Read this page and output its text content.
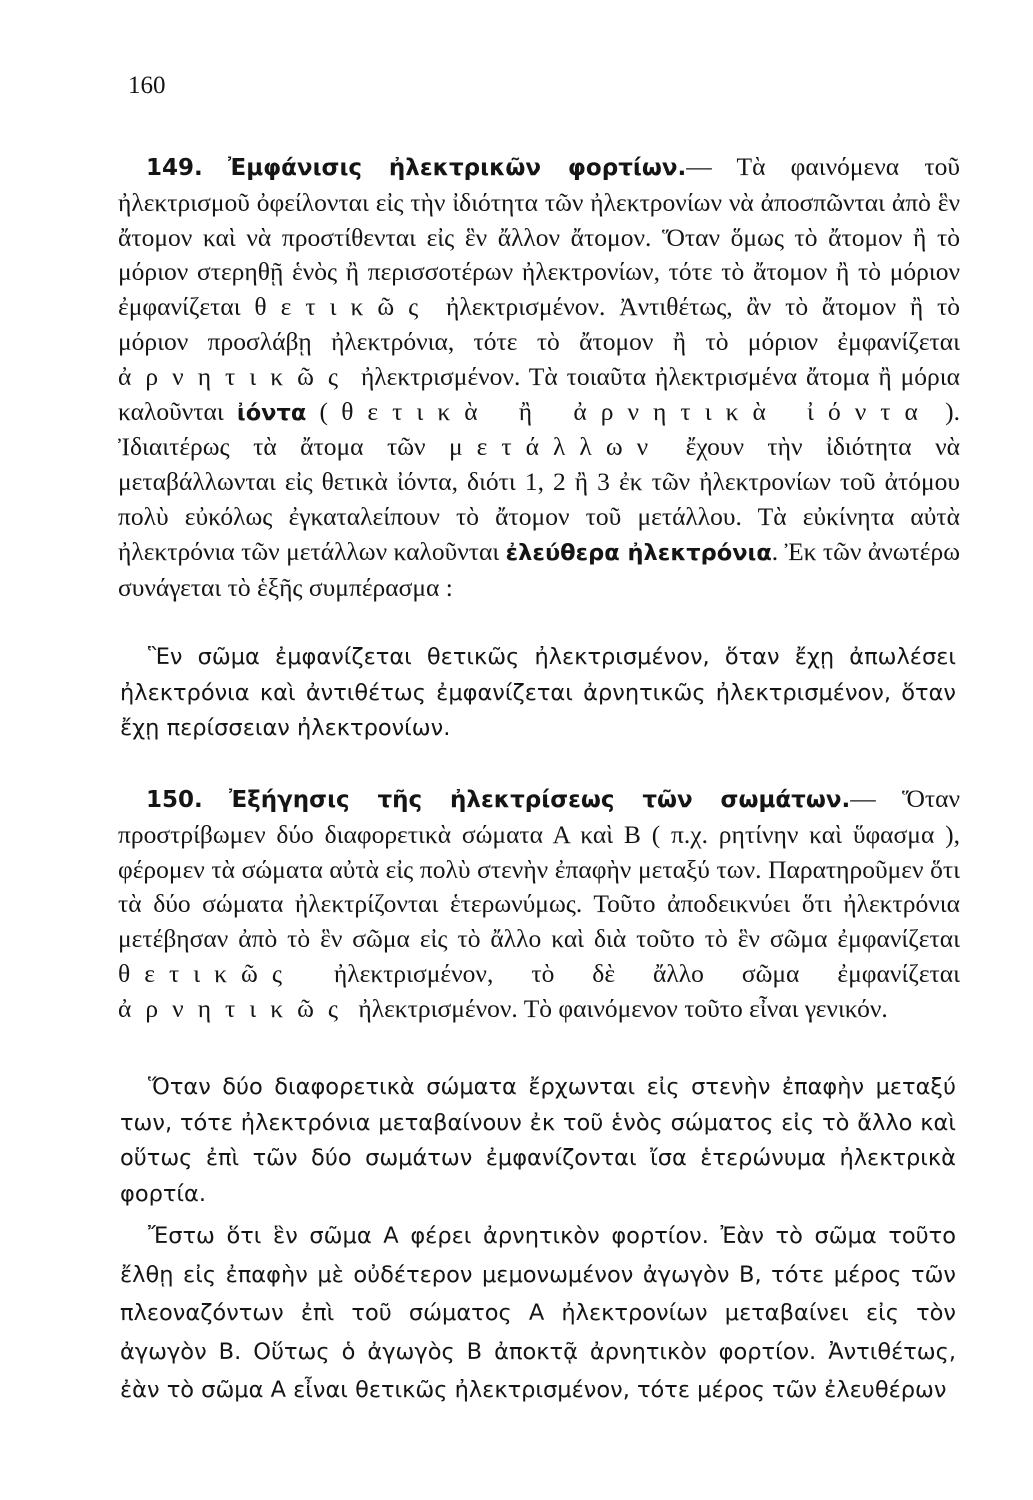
160
149. Ἐμφάνισις ἠλεκτρικῶν φορτίων.— Τὰ φαινόμενα τοῦ ἠλεκτρισμοῦ ὀφείλονται εἰς τὴν ἰδιότητα τῶν ἠλεκτρονίων νὰ ἀποσπῶνται ἀπὸ ἓν ἄτομον καὶ νὰ προστίθενται εἰς ἓν ἄλλον ἄτομον. Ὅταν ὅμως τὸ ἄτομον ἢ τὸ μόριον στερηθῇ ἑνὸς ἢ περισσοτέρων ἠλεκτρονίων, τότε τὸ ἄτομον ἢ τὸ μόριον ἐμφανίζεται θετικῶς ἠλεκτρισμένον. Ἀντιθέτως, ἂν τὸ ἄτομον ἢ τὸ μόριον προσλάβῃ ἠλεκτρόνια, τότε τὸ ἄτομον ἢ τὸ μόριον ἐμφανίζεται ἀρνητικῶς ἠλεκτρισμένον. Τὰ τοιαῦτα ἠλεκτρισμένα ἄτομα ἢ μόρια καλοῦνται ἰόντα ( θετικὰ ἢ ἀρνητικὰ ἰόντα ). Ἰδιαιτέρως τὰ ἄτομα τῶν μετάλλων ἔχουν τὴν ἰδιότητα νὰ μεταβάλλωνται εἰς θετικὰ ἰόντα, διότι 1, 2 ἢ 3 ἐκ τῶν ἠλεκτρονίων τοῦ ἀτόμου πολὺ εὐκόλως ἐγκαταλείπουν τὸ ἄτομον τοῦ μετάλλου. Τὰ εὐκίνητα αὐτὰ ἠλεκτρόνια τῶν μετάλλων καλοῦνται ἐλεύθερα ἠλεκτρόνια. Ἐκ τῶν ἀνωτέρω συνάγεται τὸ ἑξῆς συμπέρασμα :
Ἓν σῶμα ἐμφανίζεται θετικῶς ἠλεκτρισμένον, ὅταν ἔχῃ ἀπωλέσει ἠλεκτρόνια καὶ ἀντιθέτως ἐμφανίζεται ἀρνητικῶς ἠλεκτρισμένον, ὅταν ἔχῃ περίσσειαν ἠλεκτρονίων.
150. Ἐξήγησις τῆς ἠλεκτρίσεως τῶν σωμάτων.— Ὅταν προστρίβωμεν δύο διαφορετικὰ σώματα Α καὶ Β ( π.χ. ρητίνην καὶ ὕφασμα ), φέρομεν τὰ σώματα αὐτὰ εἰς πολὺ στενὴν ἐπαφὴν μεταξύ των. Παρατηροῦμεν ὅτι τὰ δύο σώματα ἠλεκτρίζονται ἑτερωνύμως. Τοῦτο ἀποδεικνύει ὅτι ἠλεκτρόνια μετέβησαν ἀπὸ τὸ ἓν σῶμα εἰς τὸ ἄλλο καὶ διὰ τοῦτο τὸ ἓν σῶμα ἐμφανίζεται θετικῶς ἠλεκτρισμένον, τὸ δὲ ἄλλο σῶμα ἐμφανίζεται ἀρνητικῶς ἠλεκτρισμένον. Τὸ φαινόμενον τοῦτο εἶναι γενικόν.
Ὅταν δύο διαφορετικὰ σώματα ἔρχωνται εἰς στενὴν ἐπαφὴν μεταξύ των, τότε ἠλεκτρόνια μεταβαίνουν ἐκ τοῦ ἑνὸς σώματος εἰς τὸ ἄλλο καὶ οὕτως ἐπὶ τῶν δύο σωμάτων ἐμφανίζονται ἴσα ἑτερώνυμα ἠλεκτρικὰ φορτία.
Ἔστω ὅτι ἓν σῶμα Α φέρει ἀρνητικὸν φορτίον. Ἐὰν τὸ σῶμα τοῦτο ἔλθῃ εἰς ἐπαφὴν μὲ οὐδέτερον μεμονωμένον ἀγωγὸν Β, τότε μέρος τῶν πλεοναζόντων ἐπὶ τοῦ σώματος Α ἠλεκτρονίων μεταβαίνει εἰς τὸν ἀγωγὸν Β. Οὕτως ὁ ἀγωγὸς Β ἀποκτᾷ ἀρνητικὸν φορτίον. Ἀντιθέτως, ἐὰν τὸ σῶμα Α εἶναι θετικῶς ἠλεκτρισμένον, τότε μέρος τῶν ἐλευθέρων
